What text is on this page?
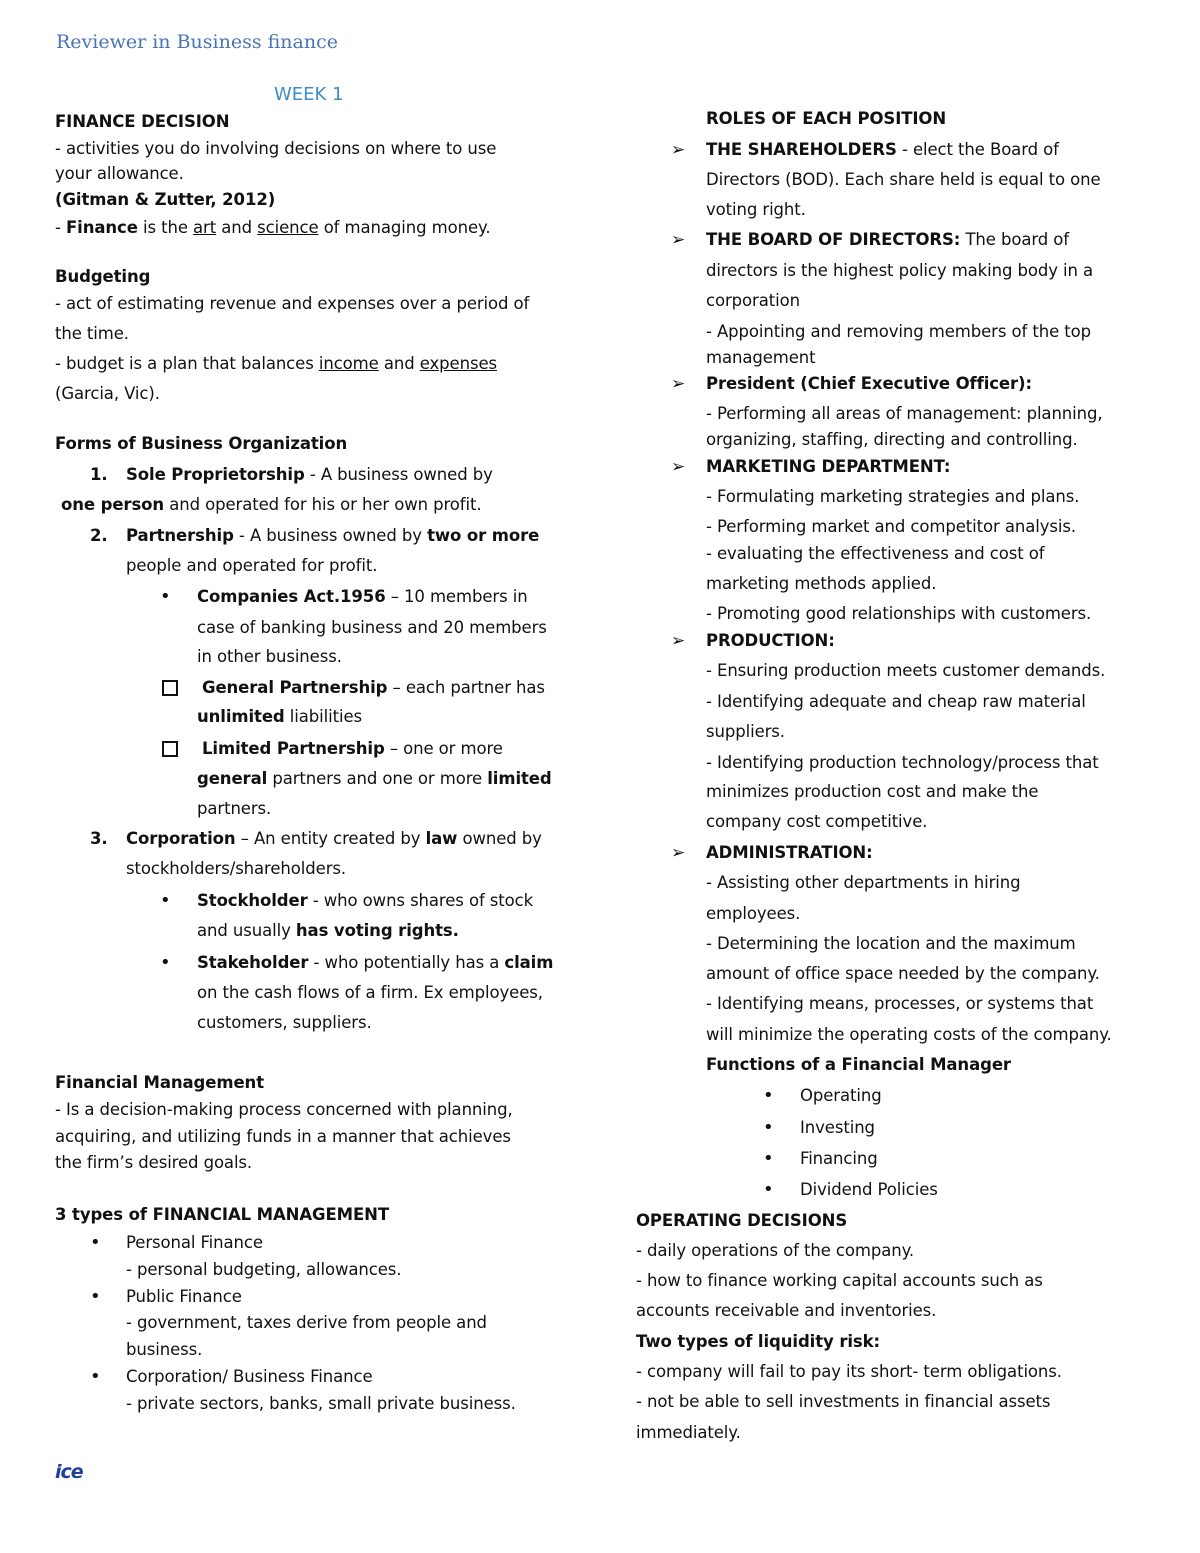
Reviewer in Business finance
WEEK 1
FINANCE DECISION
- activities you do involving decisions on where to use
your allowance.
(Gitman & Zutter, 2012)
- Finance is the art and science of managing money.
Budgeting
- act of estimating revenue and expenses over a period of
the time.
- budget is a plan that balances income and expenses
(Garcia, Vic).
Forms of Business Organization
1. Sole Proprietorship - A business owned by
one person and operated for his or her own profit.
2. Partnership - A business owned by two or more
people and operated for profit.
• Companies Act.1956 – 10 members in
case of banking business and 20 members
in other business.
General Partnership – each partner has
unlimited liabilities
Limited Partnership – one or more
general partners and one or more limited
partners.
3. Corporation – An entity created by law owned by
stockholders/shareholders.
• Stockholder - who owns shares of stock
and usually has voting rights.
• Stakeholder - who potentially has a claim
on the cash flows of a firm. Ex employees,
customers, suppliers.
Financial Management
- Is a decision-making process concerned with planning,
acquiring, and utilizing funds in a manner that achieves
the firm’s desired goals.
3 types of FINANCIAL MANAGEMENT
• Personal Finance
- personal budgeting, allowances.
• Public Finance
- government, taxes derive from people and
business.
• Corporation/ Business Finance
- private sectors, banks, small private business.
ROLES OF EACH POSITION
➢ THE SHAREHOLDERS - elect the Board of
Directors (BOD). Each share held is equal to one
voting right.
➢ THE BOARD OF DIRECTORS: The board of
directors is the highest policy making body in a
corporation
- Appointing and removing members of the top
management
➢ President (Chief Executive Officer):
- Performing all areas of management: planning,
organizing, staffing, directing and controlling.
➢ MARKETING DEPARTMENT:
- Formulating marketing strategies and plans.
- Performing market and competitor analysis.
- evaluating the effectiveness and cost of
marketing methods applied.
- Promoting good relationships with customers.
➢ PRODUCTION:
- Ensuring production meets customer demands.
- Identifying adequate and cheap raw material
suppliers.
- Identifying production technology/process that
minimizes production cost and make the
company cost competitive.
➢ ADMINISTRATION:
- Assisting other departments in hiring
employees.
- Determining the location and the maximum
amount of office space needed by the company.
- Identifying means, processes, or systems that
will minimize the operating costs of the company.
Functions of a Financial Manager
• Operating
• Investing
• Financing
• Dividend Policies
OPERATING DECISIONS
- daily operations of the company.
- how to finance working capital accounts such as
accounts receivable and inventories.
Two types of liquidity risk:
- company will fail to pay its short- term obligations.
- not be able to sell investments in financial assets
immediately.
ice
